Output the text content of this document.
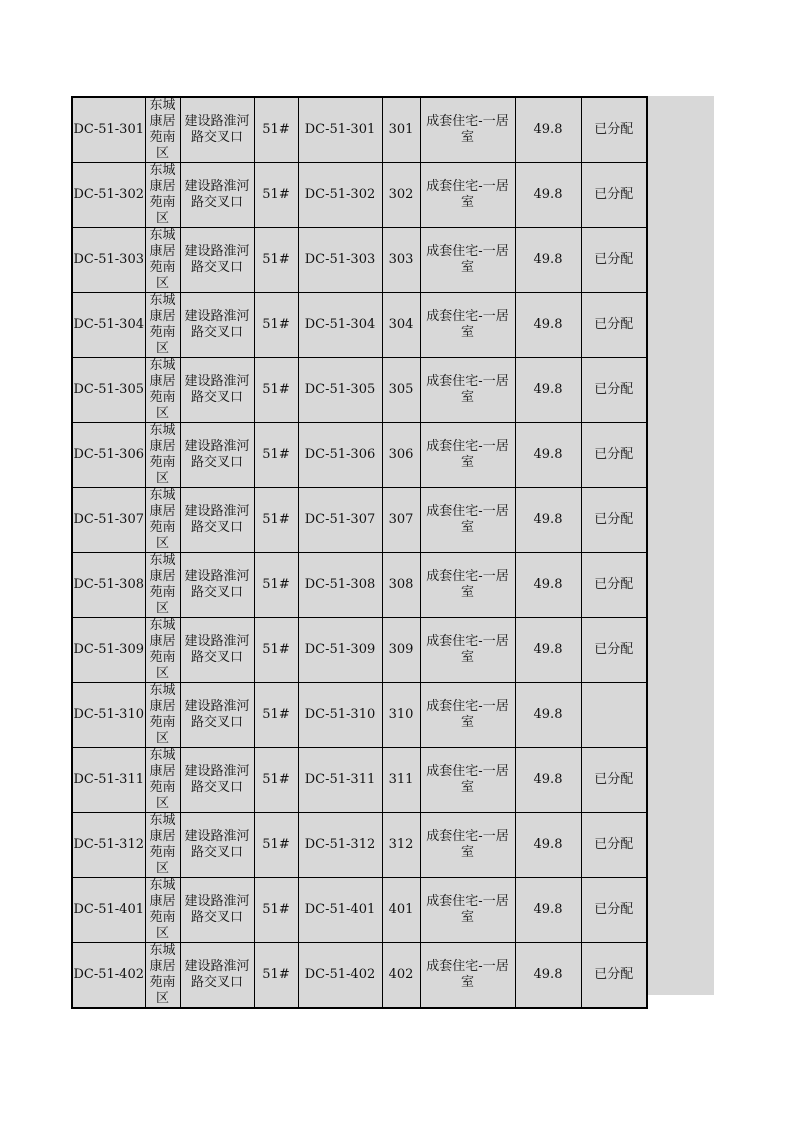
DC-51-301	东城康居苑南区	建设路淮河路交叉口	51#	DC-51-301	301	成套住宅-一居室	49.8	已分配
DC-51-302	东城康居苑南区	建设路淮河路交叉口	51#	DC-51-302	302	成套住宅-一居室	49.8	已分配
DC-51-303	东城康居苑南区	建设路淮河路交叉口	51#	DC-51-303	303	成套住宅-一居室	49.8	已分配
DC-51-304	东城康居苑南区	建设路淮河路交叉口	51#	DC-51-304	304	成套住宅-一居室	49.8	已分配
DC-51-305	东城康居苑南区	建设路淮河路交叉口	51#	DC-51-305	305	成套住宅-一居室	49.8	已分配
DC-51-306	东城康居苑南区	建设路淮河路交叉口	51#	DC-51-306	306	成套住宅-一居室	49.8	已分配
DC-51-307	东城康居苑南区	建设路淮河路交叉口	51#	DC-51-307	307	成套住宅-一居室	49.8	已分配
DC-51-308	东城康居苑南区	建设路淮河路交叉口	51#	DC-51-308	308	成套住宅-一居室	49.8	已分配
DC-51-309	东城康居苑南区	建设路淮河路交叉口	51#	DC-51-309	309	成套住宅-一居室	49.8	已分配
DC-51-310	东城康居苑南区	建设路淮河路交叉口	51#	DC-51-310	310	成套住宅-一居室	49.8	
DC-51-311	东城康居苑南区	建设路淮河路交叉口	51#	DC-51-311	311	成套住宅-一居室	49.8	已分配
DC-51-312	东城康居苑南区	建设路淮河路交叉口	51#	DC-51-312	312	成套住宅-一居室	49.8	已分配
DC-51-401	东城康居苑南区	建设路淮河路交叉口	51#	DC-51-401	401	成套住宅-一居室	49.8	已分配
DC-51-402	东城康居苑南区	建设路淮河路交叉口	51#	DC-51-402	402	成套住宅-一居室	49.8	已分配
